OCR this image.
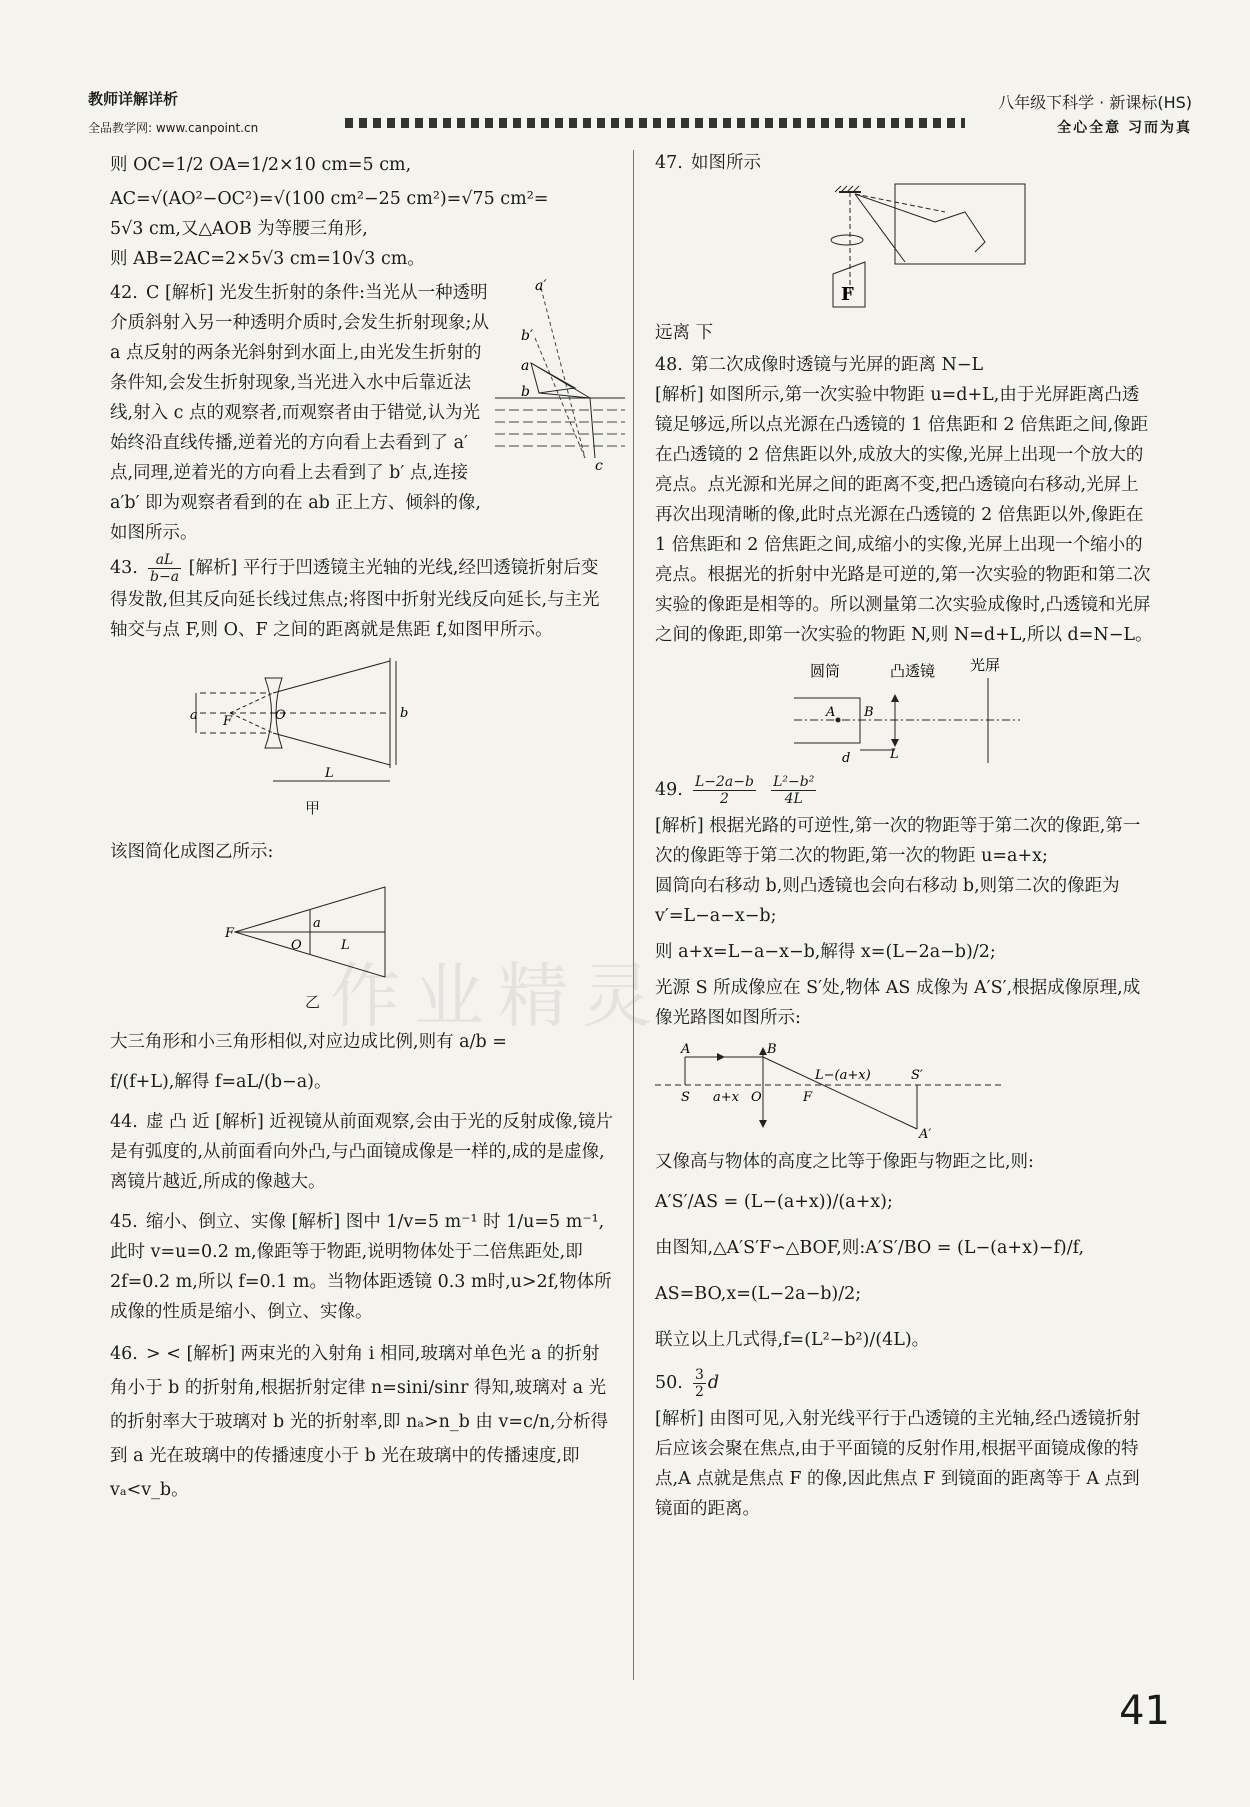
教师详解详析
全品教学网: www.canpoint.cn
八年级下科学 · 新课标(HS)
全心全意 习而为真
作业精灵

则 OC=1/2 OA=1/2×10 cm=5 cm,

AC=√(AO²−OC²)=√(100 cm²−25 cm²)=√75 cm²=

5√3 cm,又△AOB 为等腰三角形,

则 AB=2AC=2×5√3 cm=10√3 cm。

a′
b′
a
b
c

42. C [解析] 光发生折射的条件:当光从一种透明介质斜射入另一种透明介质时,会发生折射现象;从 a 点反射的两条光斜射到水面上,由光发生折射的条件知,会发生折射现象,当光进入水中后靠近法线,射入 c 点的观察者,而观察者由于错觉,认为光始终沿直线传播,逆着光的方向看上去看到了 a′ 点,同理,逆着光的方向看上去看到了 b′ 点,连接 a′b′ 即为观察者看到的在 ab 正上方、倾斜的像,如图所示。

43. $\frac{aL}{b-a}$ [解析] 平行于凹透镜主光轴的光线,经凹透镜折射后变得发散,但其反向延长线过焦点;将图中折射光线反向延长,与主光轴交与点 F,则 O、F 之间的距离就是焦距 f,如图甲所示。

a F	O	b
L

甲

该图简化成图乙所示:

F
O
a
L

乙

大三角形和小三角形相似,对应边成比例,则有 a/b =

f/(f+L),解得 f=aL/(b−a)。

44. 虚 凸 近 [解析] 近视镜从前面观察,会由于光的反射成像,镜片是有弧度的,从前面看向外凸,与凸面镜成像是一样的,成的是虚像,离镜片越近,所成的像越大。

45. 缩小、倒立、实像 [解析] 图中 1/v=5 m⁻¹ 时 1/u=5 m⁻¹,此时 v=u=0.2 m,像距等于物距,说明物体处于二倍焦距处,即 2f=0.2 m,所以 f=0.1 m。当物体距透镜 0.3 m时,u>2f,物体所成像的性质是缩小、倒立、实像。

46. > < [解析] 两束光的入射角 i 相同,玻璃对单色光 a 的折射角小于 b 的折射角,根据折射定律 n=sini/sinr 得知,玻璃对 a 光的折射率大于玻璃对 b 光的折射率,即 nₐ>n_b 由 v=c/n,分析得到 a 光在玻璃中的传播速度小于 b 光在玻璃中的传播速度,即 vₐ<v_b。

47. 如图所示

F

远离 下

48. 第二次成像时透镜与光屏的距离 N−L

[解析] 如图所示,第一次实验中物距 u=d+L,由于光屏距离凸透镜足够远,所以点光源在凸透镜的 1 倍焦距和 2 倍焦距之间,像距在凸透镜的 2 倍焦距以外,成放大的实像,光屏上出现一个放大的亮点。点光源和光屏之间的距离不变,把凸透镜向右移动,光屏上再次出现清晰的像,此时点光源在凸透镜的 2 倍焦距以外,像距在 1 倍焦距和 2 倍焦距之间,成缩小的实像,光屏上出现一个缩小的亮点。根据光的折射中光路是可逆的,第一次实验的物距和第二次实验的像距是相等的。所以测量第二次实验成像时,凸透镜和光屏之间的像距,即第一次实验的物距 N,则 N=d+L,所以 d=N−L。

圆筒	凸透镜 光屏
A B
d	L

49. $\frac{L-2a-b}{2}$
$\frac{\text{L²−b²}}{4L}$

[解析] 根据光路的可逆性,第一次的物距等于第二次的像距,第一次的像距等于第二次的物距,第一次的物距 u=a+x;

圆筒向右移动 b,则凸透镜也会向右移动 b,则第二次的像距为 v′=L−a−x−b;

则 a+x=L−a−x−b,解得 x=(L−2a−b)/2;

光源 S 所成像应在 S′处,物体 AS 成像为 A′S′,根据成像原理,成像光路图如图所示:

A	B
S a+x O	F
L−(a+x)	S′
A′

又像高与物体的高度之比等于像距与物距之比,则:

A′S′/AS = (L−(a+x))/(a+x);

由图知,△A′S′F∽△BOF,则:A′S′/BO = (L−(a+x)−f)/f,

AS=BO,x=(L−2a−b)/2;

联立以上几式得,f=(L²−b²)/(4L)。

50. $\frac{3}{2}$ d

[解析] 由图可见,入射光线平行于凸透镜的主光轴,经凸透镜折射后应该会聚在焦点,由于平面镜的反射作用,根据平面镜成像的特点,A 点就是焦点 F 的像,因此焦点 F 到镜面的距离等于 A 点到镜面的距离。

41
